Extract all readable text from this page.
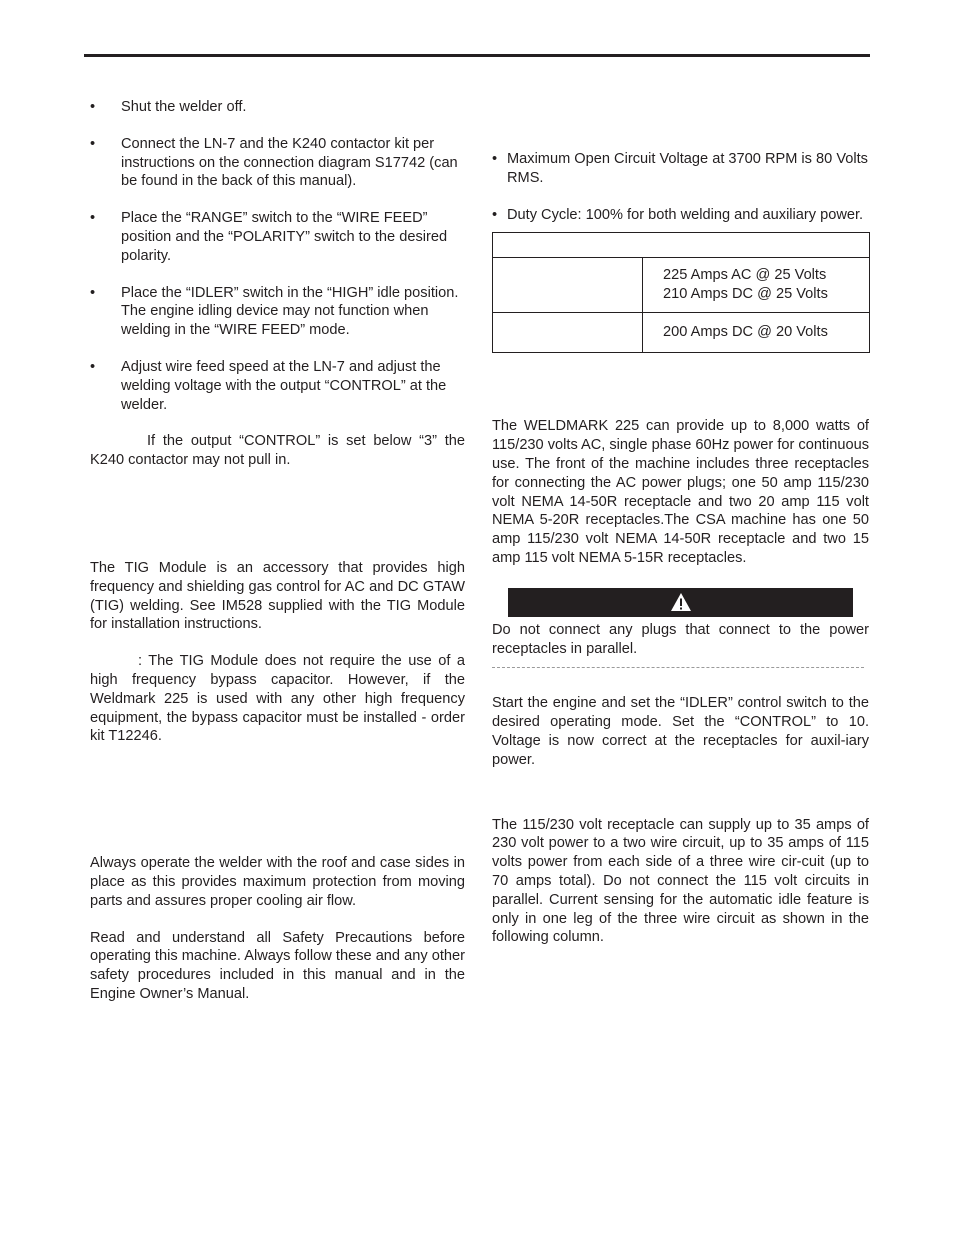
• Shut the welder off.

• Connect the LN-7 and the K240 contactor kit per instructions on the connection diagram S17742 (can be found in the back of this manual).

• Place the “RANGE” switch to the “WIRE FEED” position and the “POLARITY” switch to the desired polarity.

• Place the “IDLER” switch in the “HIGH” idle position. The engine idling device may not function when welding in the “WIRE FEED” mode.

• Adjust wire feed speed at the LN-7 and adjust the welding voltage with the output “CONTROL” at the welder.

If the output “CONTROL” is set below “3” the K240 contactor may not pull in.

The TIG Module is an accessory that provides high frequency and shielding gas control for AC and DC GTAW (TIG) welding. See IM528 supplied with the TIG Module for installation instructions.

: The TIG Module does not require the use of a high frequency bypass capacitor. However, if the Weldmark 225 is used with any other high frequency equipment, the bypass capacitor must be installed - order kit T12246.

Always operate the welder with the roof and case sides in place as this provides maximum protection from moving parts and assures proper cooling air flow.

Read and understand all Safety Precautions before operating this machine. Always follow these and any other safety procedures included in this manual and in the Engine Owner’s Manual.

• Maximum Open Circuit Voltage at 3700 RPM is 80 Volts RMS.

• Duty Cycle: 100% for both welding and auxiliary power.

	225 Amps AC @ 25 Volts
210 Amps DC @ 25 Volts

	200 Amps DC @ 20 Volts

The WELDMARK 225 can provide up to 8,000 watts of 115/230 volts AC, single phase 60Hz power for continuous use. The front of the machine includes three receptacles for connecting the AC power plugs; one 50 amp 115/230 volt NEMA 14-50R receptacle and two 20 amp 115 volt NEMA 5-20R receptacles.The CSA machine has one 50 amp 115/230 volt NEMA 14-50R receptacle and two 15 amp 115 volt NEMA 5-15R receptacles.

Do not connect any plugs that connect to the power receptacles in parallel.

Start the engine and set the “IDLER” control switch to the desired operating mode. Set the “CONTROL” to 10. Voltage is now correct at the receptacles for auxil-iary power.

The 115/230 volt receptacle can supply up to 35 amps of 230 volt power to a two wire circuit, up to 35 amps of 115 volts power from each side of a three wire cir-cuit (up to 70 amps total). Do not connect the 115 volt circuits in parallel. Current sensing for the automatic idle feature is only in one leg of the three wire circuit as shown in the following column.
